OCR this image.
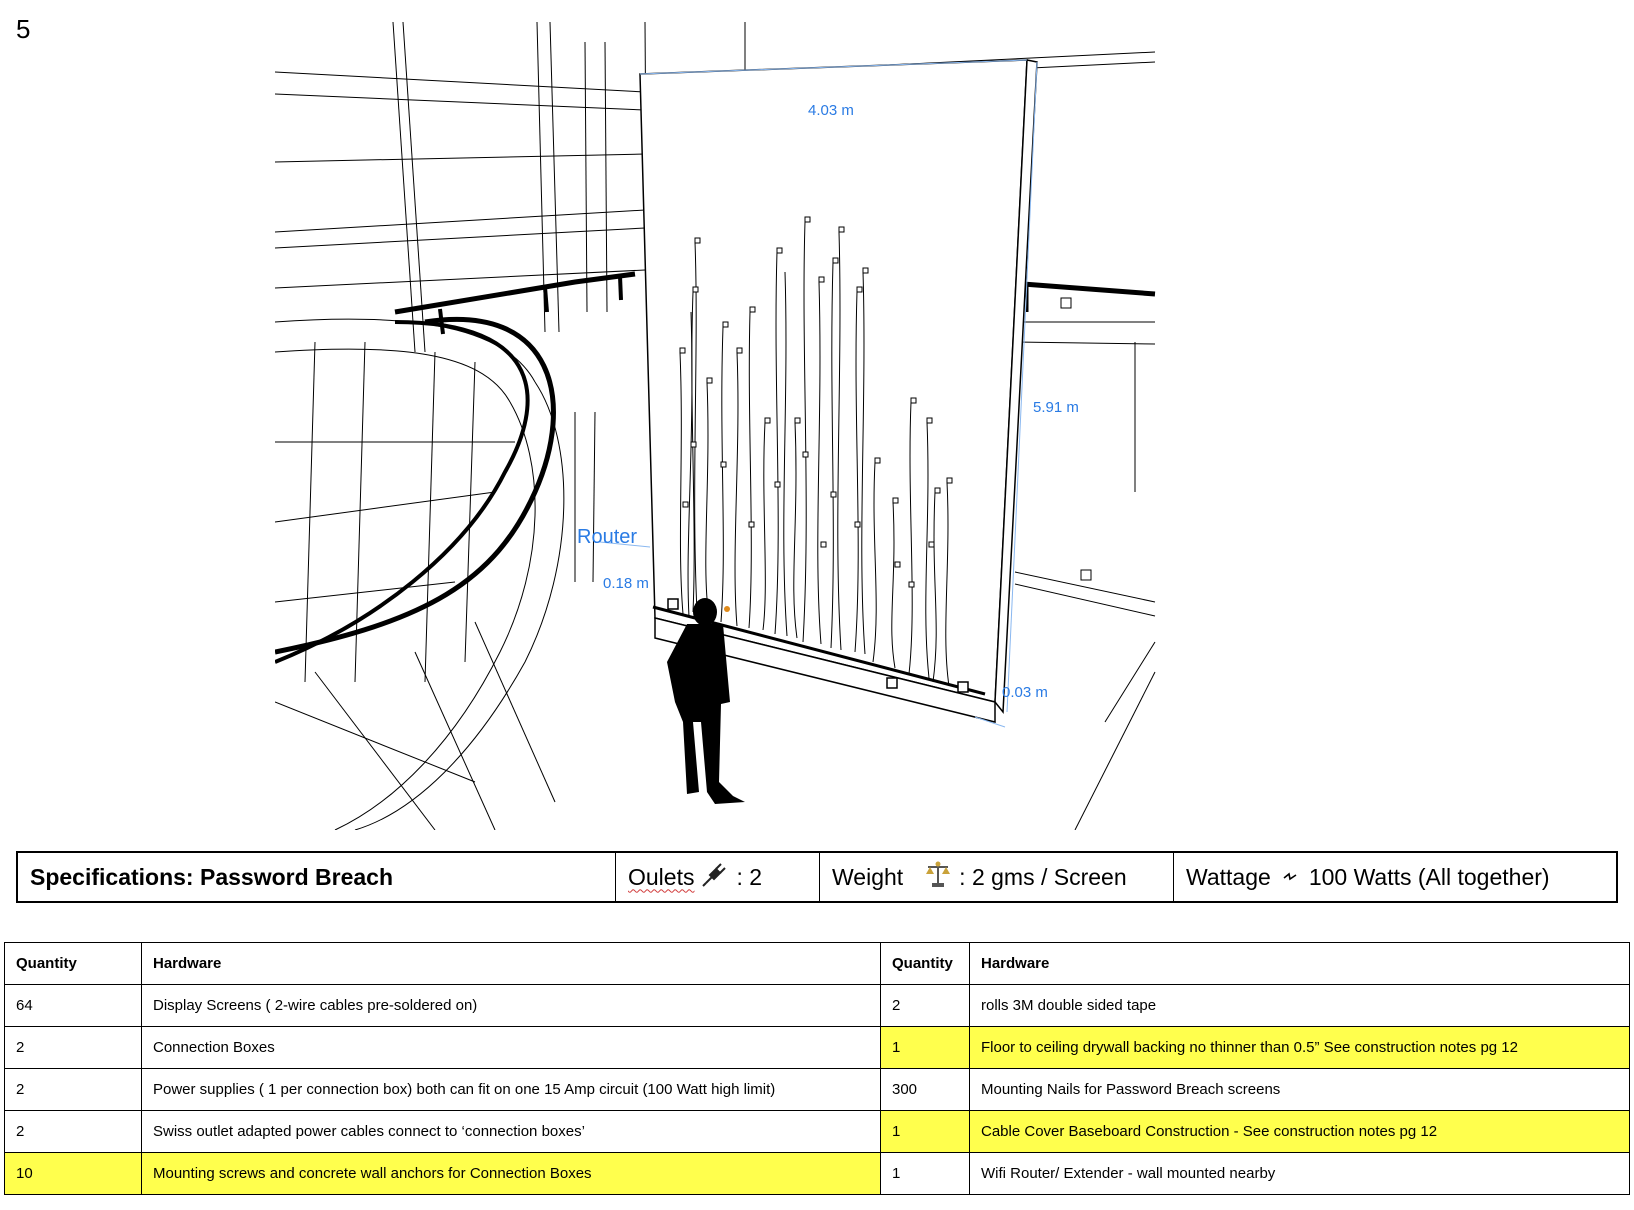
5
4.03 m
5.91 m
0.18 m
0.03 m
Router
Specifications: Password Breach	Oulets : 2	Weight : 2 gms / Screen	Wattage 100 Watts (All together)
Quantity	Hardware	Quantity	Hardware
64	Display Screens ( 2-wire cables pre-soldered on)	2	rolls 3M double sided tape
2	Connection Boxes	1	Floor to ceiling drywall backing no thinner than 0.5” See construction notes pg 12
2	Power supplies ( 1 per connection box) both can fit on one 15 Amp circuit (100 Watt high limit)	300	Mounting Nails for Password Breach screens
2	Swiss outlet adapted power cables connect to ‘connection boxes’	1	Cable Cover Baseboard Construction - See construction notes pg 12
10	Mounting screws and concrete wall anchors for Connection Boxes	1	Wifi Router/ Extender - wall mounted nearby
